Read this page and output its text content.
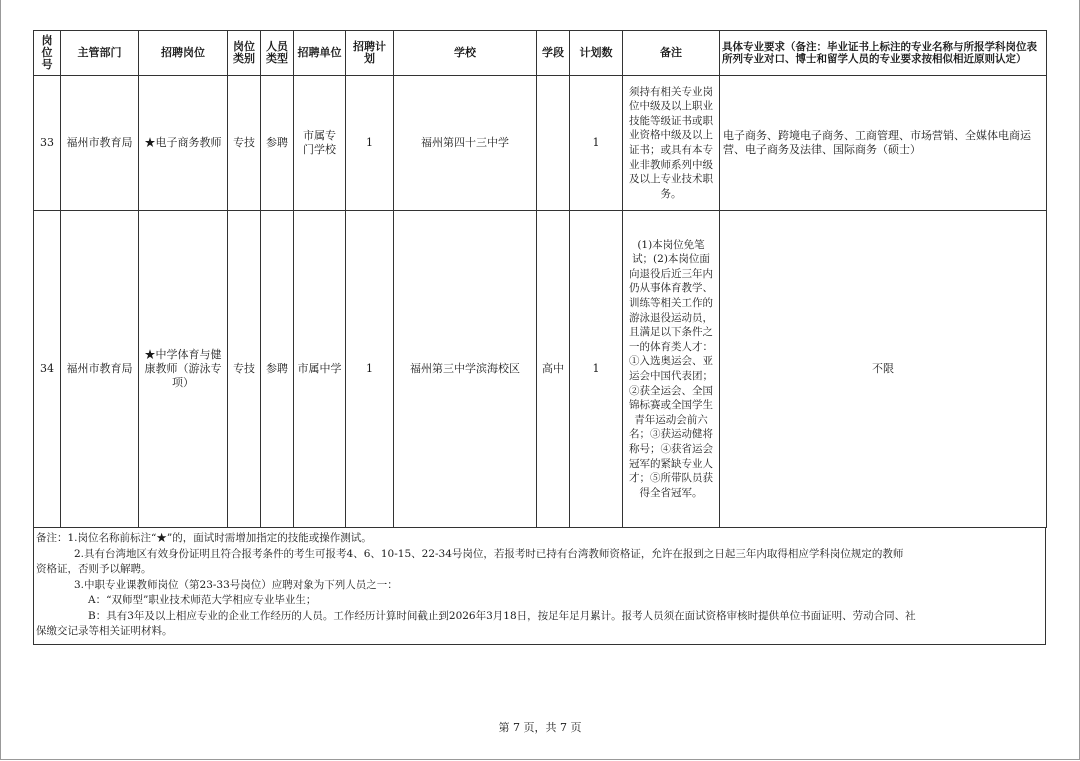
岗位号	主管部门	招聘岗位	岗位类别	人员类型	招聘单位	招聘计划	学校	学段	计划数	备注	具体专业要求（备注：毕业证书上标注的专业名称与所报学科岗位表所列专业对口、博士和留学人员的专业要求按相似相近原则认定）
33	福州市教育局	★电子商务教师	专技	参聘	市属专门学校	1	福州第四十三中学		1	须持有相关专业岗位中级及以上职业技能等级证书或职业资格中级及以上证书；或具有本专业非教师系列中级及以上专业技术职务。	电子商务、跨境电子商务、工商管理、市场营销、全媒体电商运营、电子商务及法律、国际商务（硕士）
34	福州市教育局	★中学体育与健康教师（游泳专项）	专技	参聘	市属中学	1	福州第三中学滨海校区	高中	1	(1)本岗位免笔试；(2)本岗位面向退役后近三年内仍从事体育教学、训练等相关工作的游泳退役运动员，且满足以下条件之一的体育类人才：①入选奥运会、亚运会中国代表团；②获全运会、全国锦标赛或全国学生青年运动会前六名；③获运动健将称号；④获省运会冠军的紧缺专业人才；⑤所带队员获得全省冠军。	不限

备注：1.岗位名称前标注“★”的，面试时需增加指定的技能或操作测试。

2.具有台湾地区有效身份证明且符合报考条件的考生可报考4、6、10-15、22-34号岗位，若报考时已持有台湾教师资格证，允许在报到之日起三年内取得相应学科岗位规定的教师

资格证，否则予以解聘。

3.中职专业课教师岗位（第23-33号岗位）应聘对象为下列人员之一：

A：“双师型”职业技术师范大学相应专业毕业生；

B：具有3年及以上相应专业的企业工作经历的人员。工作经历计算时间截止到2026年3月18日，按足年足月累计。报考人员须在面试资格审核时提供单位书面证明、劳动合同、社

保缴交记录等相关证明材料。

第 7 页，共 7 页
